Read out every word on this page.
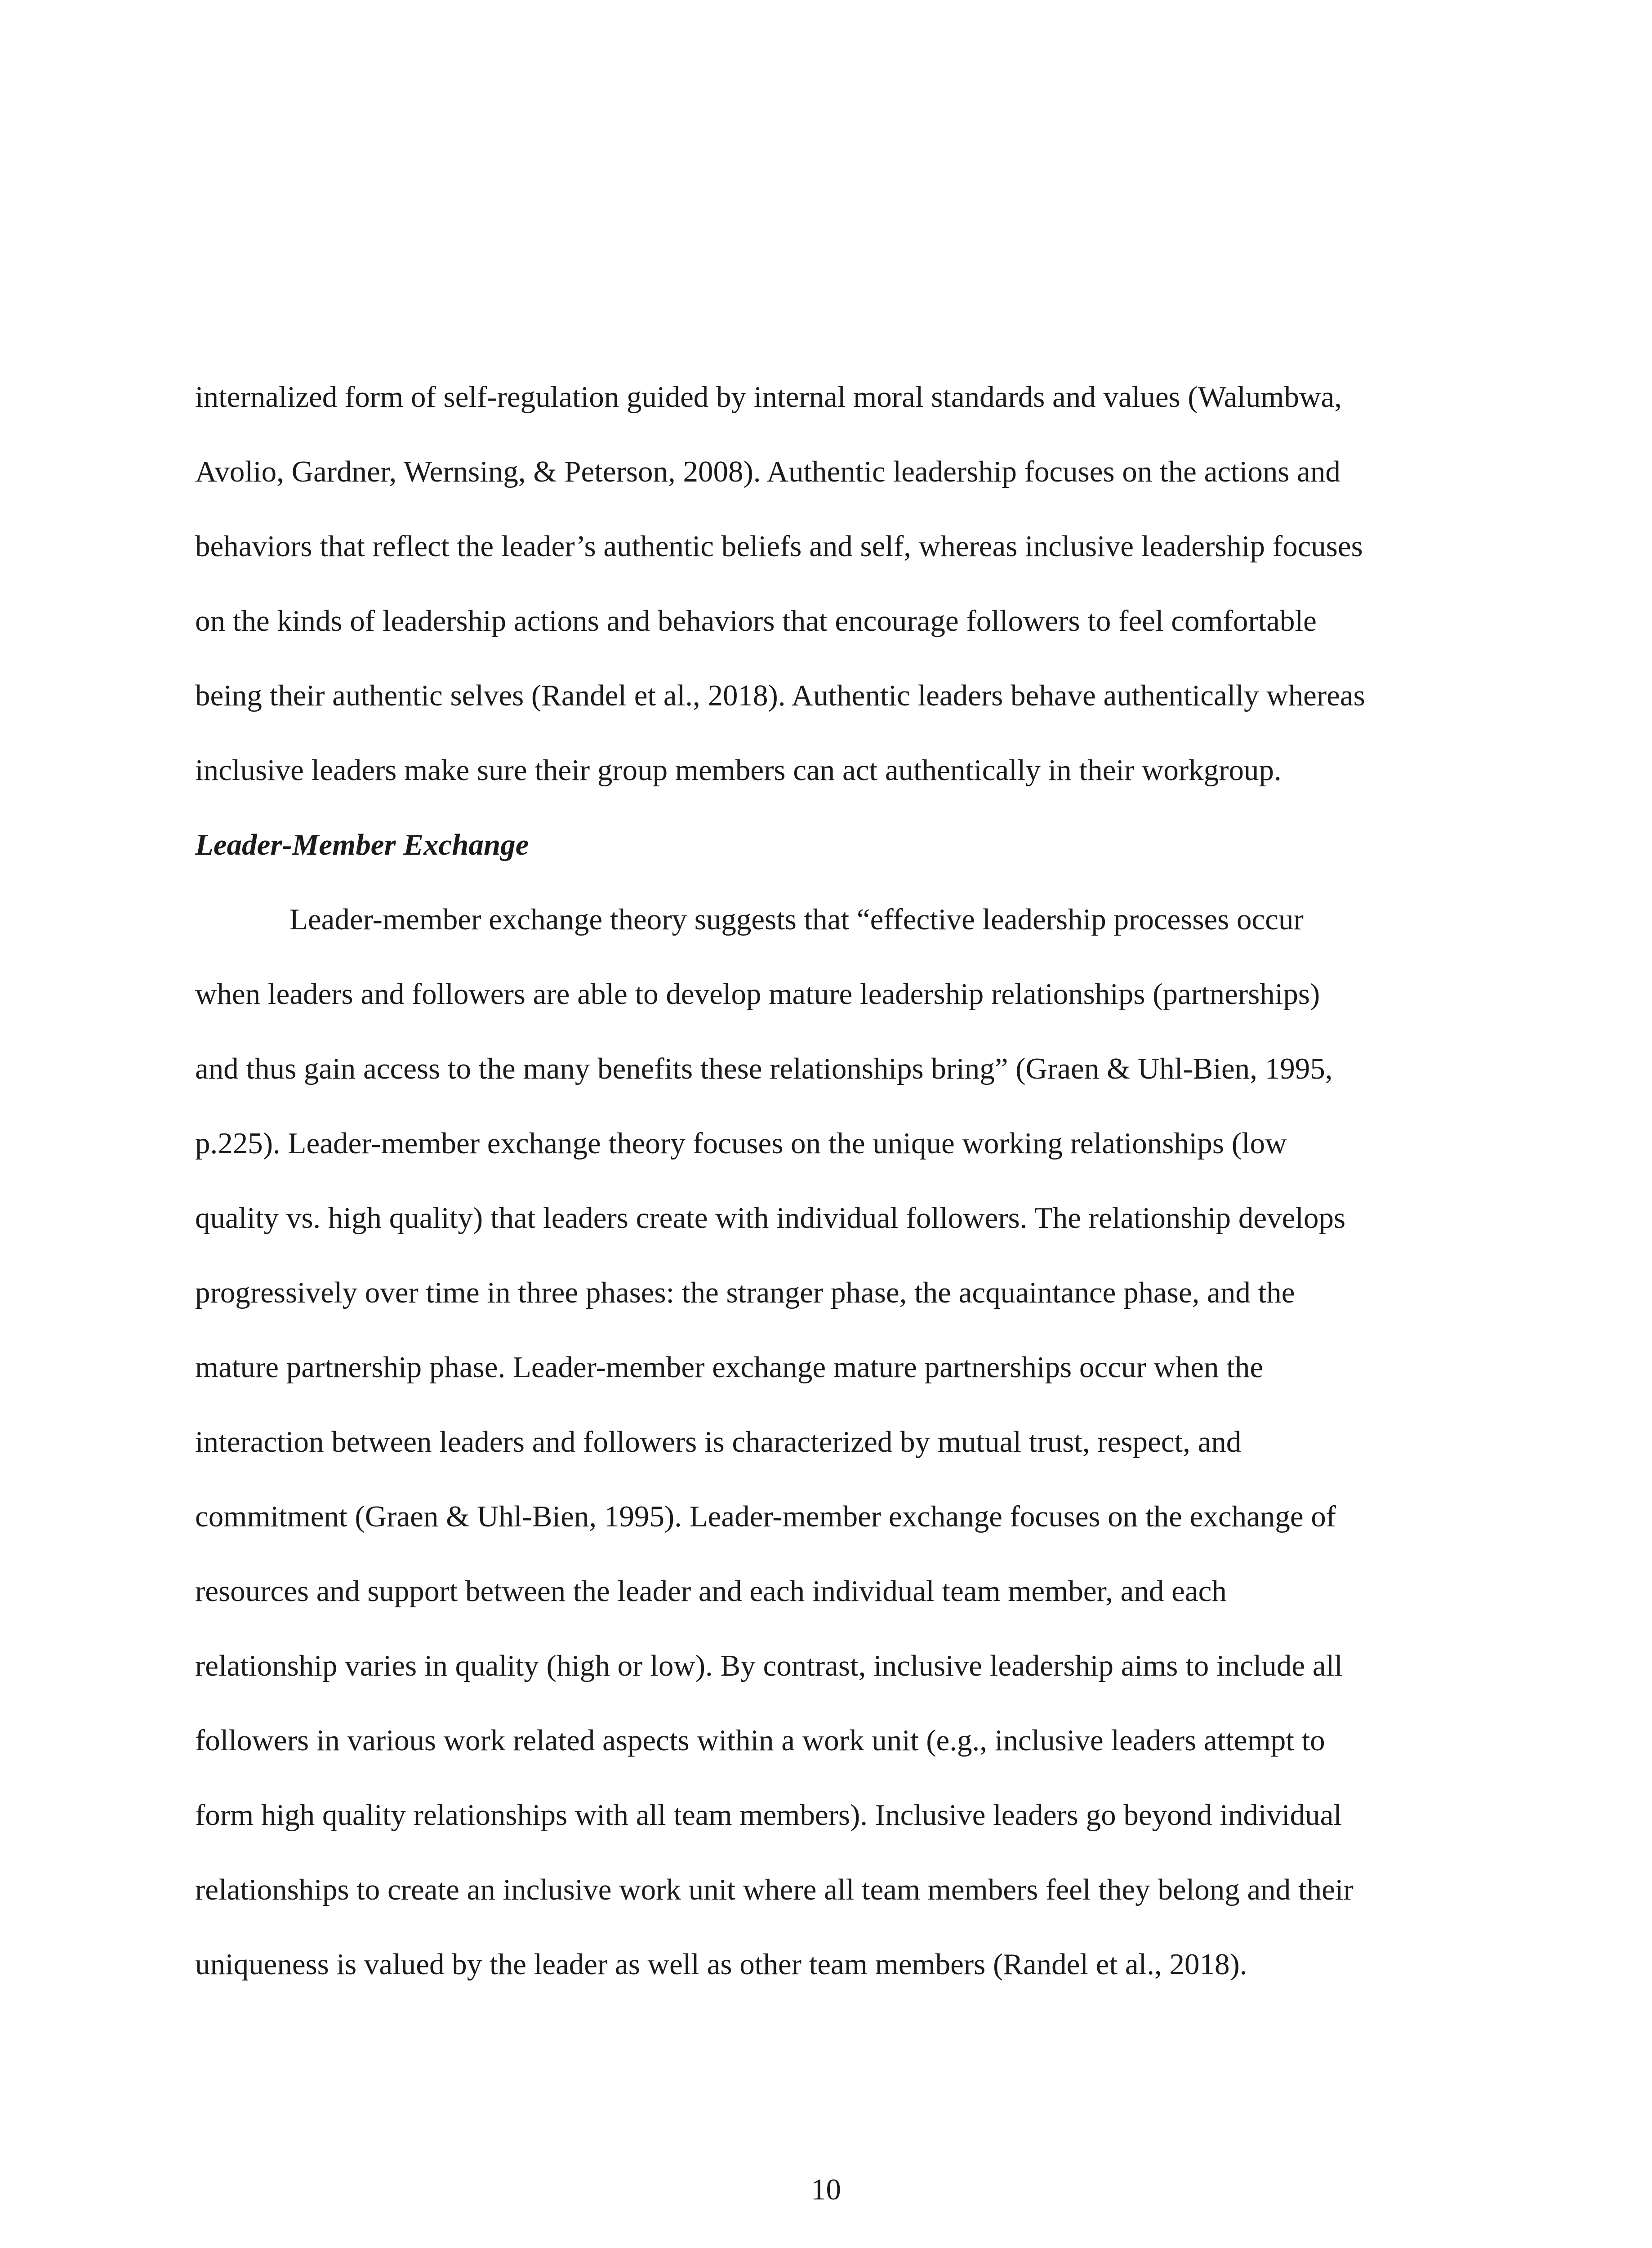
internalized form of self-regulation guided by internal moral standards and values (Walumbwa,
Avolio, Gardner, Wernsing, & Peterson, 2008). Authentic leadership focuses on the actions and
behaviors that reflect the leader’s authentic beliefs and self, whereas inclusive leadership focuses
on the kinds of leadership actions and behaviors that encourage followers to feel comfortable
being their authentic selves (Randel et al., 2018). Authentic leaders behave authentically whereas
inclusive leaders make sure their group members can act authentically in their workgroup.
Leader-Member Exchange
Leader-member exchange theory suggests that “effective leadership processes occur
when leaders and followers are able to develop mature leadership relationships (partnerships)
and thus gain access to the many benefits these relationships bring” (Graen & Uhl-Bien, 1995,
p.225). Leader-member exchange theory focuses on the unique working relationships (low
quality vs. high quality) that leaders create with individual followers. The relationship develops
progressively over time in three phases: the stranger phase, the acquaintance phase, and the
mature partnership phase. Leader-member exchange mature partnerships occur when the
interaction between leaders and followers is characterized by mutual trust, respect, and
commitment (Graen & Uhl-Bien, 1995). Leader-member exchange focuses on the exchange of
resources and support between the leader and each individual team member, and each
relationship varies in quality (high or low). By contrast, inclusive leadership aims to include all
followers in various work related aspects within a work unit (e.g., inclusive leaders attempt to
form high quality relationships with all team members). Inclusive leaders go beyond individual
relationships to create an inclusive work unit where all team members feel they belong and their
uniqueness is valued by the leader as well as other team members (Randel et al., 2018).
10
